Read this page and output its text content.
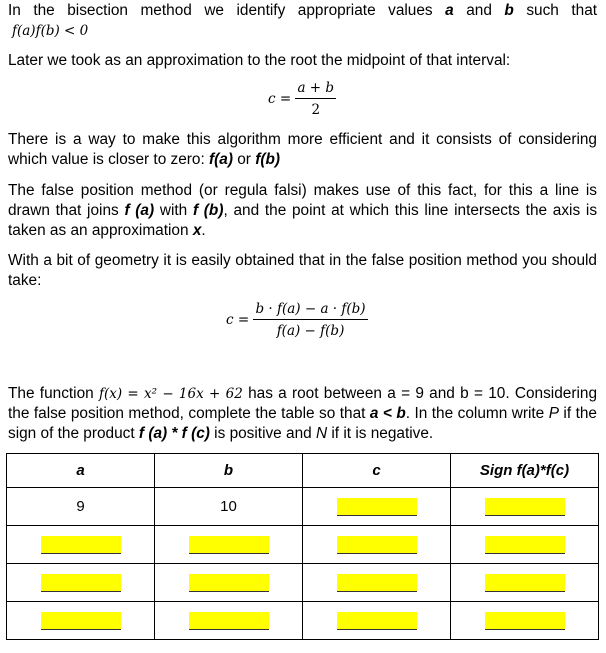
In the bisection method we identify appropriate values a and b such that
f(a)f(b) < 0
Later we took as an approximation to the root the midpoint of that interval:
$c = \frac{a + b}{2}$
There is a way to make this algorithm more efficient and it consists of considering which value is closer to zero: f(a) or f(b)
The false position method (or regula falsi) makes use of this fact, for this a line is drawn that joins f (a) with f (b), and the point at which this line intersects the axis is taken as an approximation x.
With a bit of geometry it is easily obtained that in the false position method you should take:
$c = \frac{b \cdot f(a) - a \cdot f(b)}{f(a) - f(b)}$
The function f(x) = x² − 16x + 62 has a root between a = 9 and b = 10. Considering the false position method, complete the table so that a < b. In the column write P if the sign of the product f (a) * f (c) is positive and N if it is negative.
a	b	c	Sign f(a)*f(c)
9	10		
